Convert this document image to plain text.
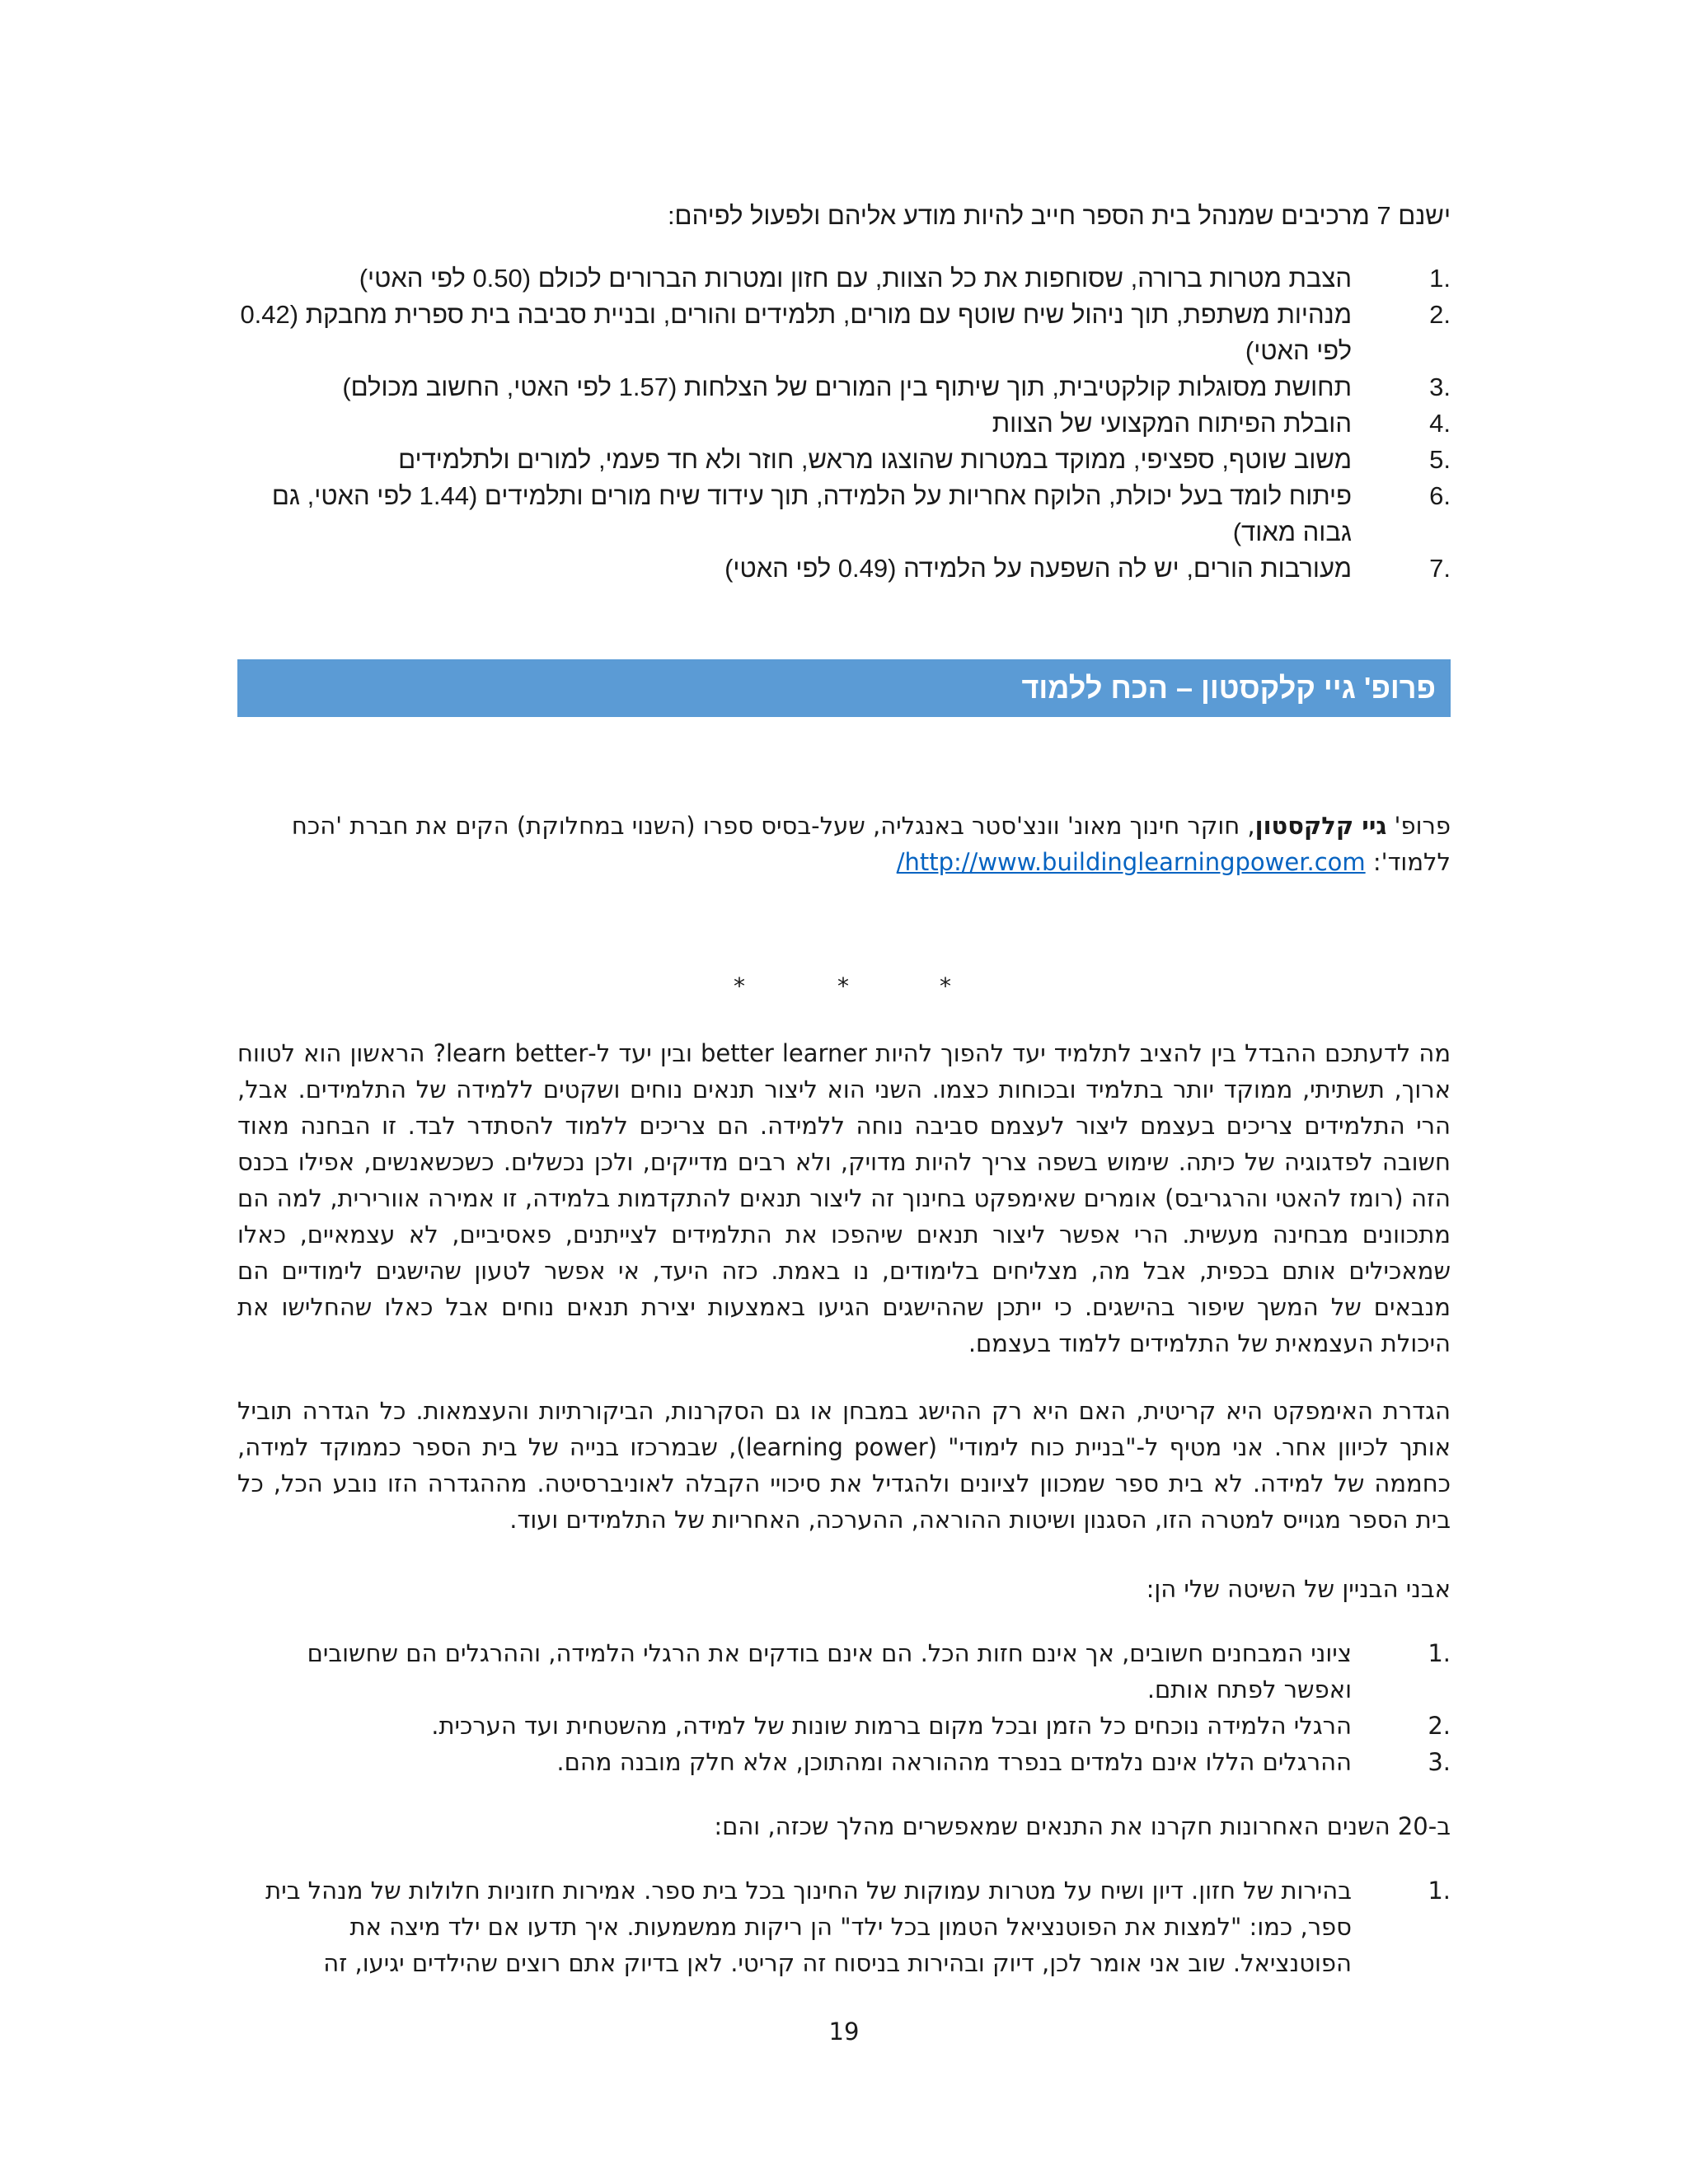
ישנם 7 מרכיבים שמנהל בית הספר חייב להיות מודע אליהם ולפעול לפיהם:
1.
הצבת מטרות ברורה, שסוחפות את כל הצוות, עם חזון ומטרות הברורים לכולם (0.50 לפי האטי)
2.
מנהיות משתפת, תוך ניהול שיח שוטף עם מורים, תלמידים והורים, ובניית סביבה בית ספרית מחבקת (0.42 לפי האטי)
3.
תחושת מסוגלות קולקטיבית, תוך שיתוף בין המורים של הצלחות (1.57 לפי האטי, החשוב מכולם)
4.
הובלת הפיתוח המקצועי של הצוות
5.
משוב שוטף, ספציפי, ממוקד במטרות שהוצגו מראש, חוזר ולא חד פעמי, למורים ולתלמידים
6.
פיתוח לומד בעל יכולת, הלוקח אחריות על הלמידה, תוך עידוד שיח מורים ותלמידים (1.44 לפי האטי, גם גבוה מאוד)
7.
מעורבות הורים, יש לה השפעה על הלמידה (0.49 לפי האטי)
פרופ' גיי קלקסטון – הכח ללמוד
פרופ' גיי קלקסטון, חוקר חינוך מאונ' וונצ'סטר באנגליה, שעל-בסיס ספרו (השנוי במחלוקת) הקים את חברת 'הכח ללמוד': http://www.buildinglearningpower.com/
*	*	*
מה לדעתכם ההבדל בין להציב לתלמיד יעד להפוך להיות better learner ובין יעד ל-learn better? הראשון הוא לטווח ארוך, תשתיתי, ממוקד יותר בתלמיד ובכוחות כצמו. השני הוא ליצור תנאים נוחים ושקטים ללמידה של התלמידים. אבל, הרי התלמידים צריכים בעצמם ליצור לעצמם סביבה נוחה ללמידה. הם צריכים ללמוד להסתדר לבד. זו הבחנה מאוד חשובה לפדגוגיה של כיתה. שימוש בשפה צריך להיות מדויק, ולא רבים מדייקים, ולכן נכשלים. כשכשאנשים, אפילו בכנס הזה (רומז להאטי והרגריבס) אומרים שאימפקט בחינוך זה ליצור תנאים להתקדמות בלמידה, זו אמירה אוורירית, למה הם מתכוונים מבחינה מעשית. הרי אפשר ליצור תנאים שיהפכו את התלמידים לצייתנים, פאסיביים, לא עצמאיים, כאלו שמאכילים אותם בכפית, אבל מה, מצליחים בלימודים, נו באמת. כזה היעד, אי אפשר לטעון שהישגים לימודיים הם מנבאים של המשך שיפור בהישגים. כי ייתכן שההישגים הגיעו באמצעות יצירת תנאים נוחים אבל כאלו שהחלישו את היכולת העצמאית של התלמידים ללמוד בעצמם.
הגדרת האימפקט היא קריטית, האם היא רק ההישג במבחן או גם הסקרנות, הביקורתיות והעצמאות. כל הגדרה תוביל אותך לכיוון אחר. אני מטיף ל-"בניית כוח לימודי" (learning power), שבמרכזו בנייה של בית הספר כממוקד למידה, כחממה של למידה. לא בית ספר שמכוון לציונים ולהגדיל את סיכויי הקבלה לאוניברסיטה. מההגדרה הזו נובע הכל, כל בית הספר מגוייס למטרה הזו, הסגנון ושיטות ההוראה, ההערכה, האחריות של התלמידים ועוד.
אבני הבניין של השיטה שלי הן:
1.
ציוני המבחנים חשובים, אך אינם חזות הכל. הם אינם בודקים את הרגלי הלמידה, וההרגלים הם שחשובים ואפשר לפתח אותם.
2.
הרגלי הלמידה נוכחים כל הזמן ובכל מקום ברמות שונות של למידה, מהשטחית ועד הערכית.
3.
ההרגלים הללו אינם נלמדים בנפרד מההוראה ומהתוכן, אלא חלק מובנה מהם.
ב-20 השנים האחרונות חקרנו את התנאים שמאפשרים מהלך שכזה, והם:
1.
בהירות של חזון. דיון ושיח על מטרות עמוקות של החינוך בכל בית ספר. אמירות חזוניות חלולות של מנהל בית ספר, כמו: "למצות את הפוטנציאל הטמון בכל ילד" הן ריקות ממשמעות. איך תדעו אם ילד מיצה את הפוטנציאל. שוב אני אומר לכן, דיוק ובהירות בניסוח זה קריטי. לאן בדיוק אתם רוצים שהילדים יגיעו, זה
19
